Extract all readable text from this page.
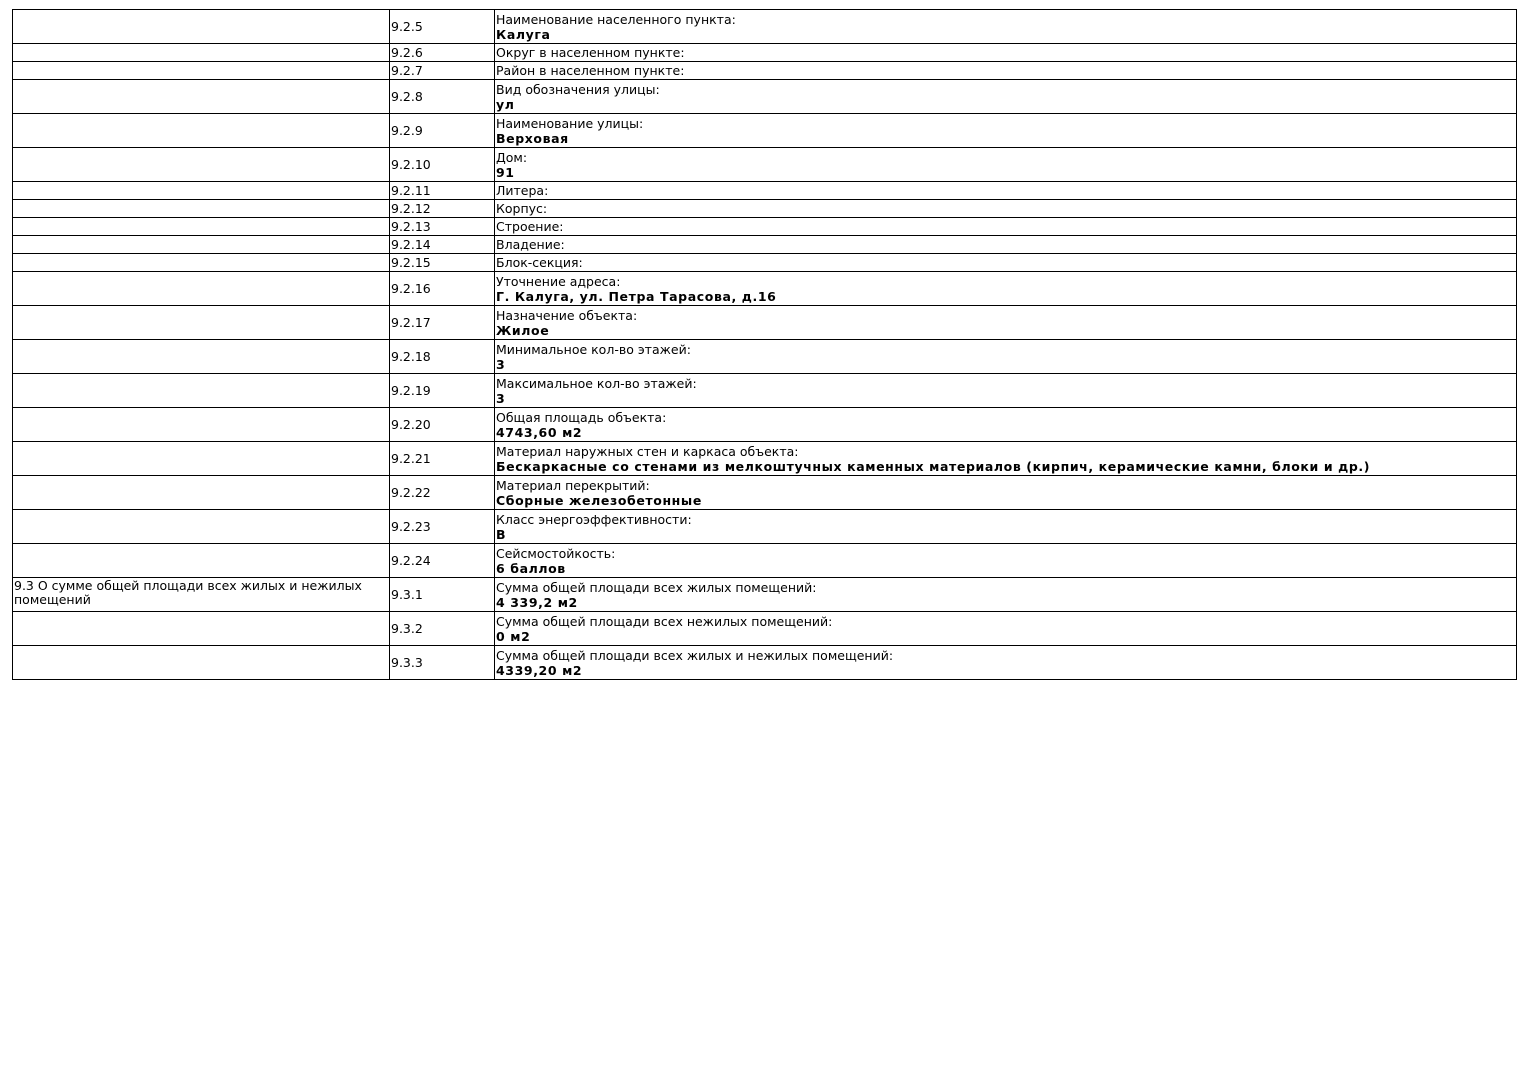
	9.2.5	Наименование населенного пункта:
Калуга

	9.2.6	Округ в населенном пункте:

	9.2.7	Район в населенном пункте:

	9.2.8	Вид обозначения улицы:
ул

	9.2.9	Наименование улицы:
Верховая

	9.2.10	Дом:
91

	9.2.11	Литера:

	9.2.12	Корпус:

	9.2.13	Строение:

	9.2.14	Владение:

	9.2.15	Блок-секция:

	9.2.16	Уточнение адреса:
Г. Калуга, ул. Петра Тарасова, д.16

	9.2.17	Назначение объекта:
Жилое

	9.2.18	Минимальное кол-во этажей:
3

	9.2.19	Максимальное кол-во этажей:
3

	9.2.20	Общая площадь объекта:
4743,60 м2

	9.2.21	Материал наружных стен и каркаса объекта:
Бескаркасные со стенами из мелкоштучных каменных материалов (кирпич, керамические камни, блоки и др.)

	9.2.22	Материал перекрытий:
Сборные железобетонные

	9.2.23	Класс энергоэффективности:
B

	9.2.24	Сейсмостойкость:
6 баллов

9.3 О сумме общей площади всех жилых и нежилых помещений	9.3.1	Сумма общей площади всех жилых помещений:
4 339,2 м2

	9.3.2	Сумма общей площади всех нежилых помещений:
0 м2

	9.3.3	Сумма общей площади всех жилых и нежилых помещений:
4339,20 м2
